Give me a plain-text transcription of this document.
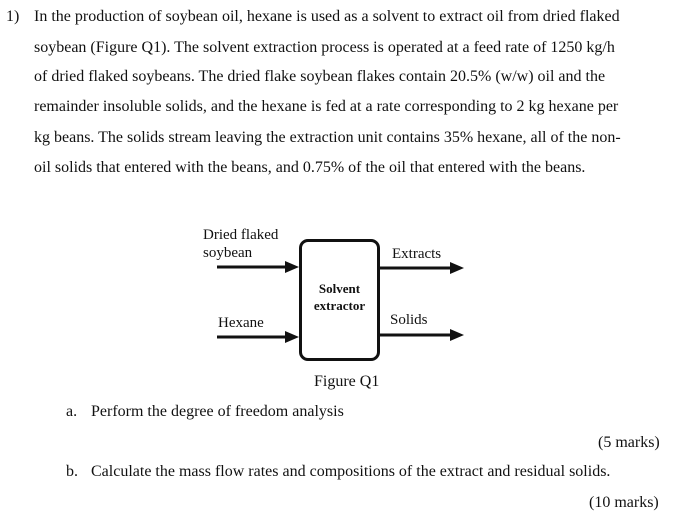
1) In the production of soybean oil, hexane is used as a solvent to extract oil from dried flaked
soybean (Figure Q1). The solvent extraction process is operated at a feed rate of 1250 kg/h
of dried flaked soybeans. The dried flake soybean flakes contain 20.5% (w/w) oil and the
remainder insoluble solids, and the hexane is fed at a rate corresponding to 2 kg hexane per
kg beans. The solids stream leaving the extraction unit contains 35% hexane, all of the non-
oil solids that entered with the beans, and 0.75% of the oil that entered with the beans.
Solvent
extractor
Dried flaked
soybean
Hexane
Extracts
Solids
Figure Q1
a. Perform the degree of freedom analysis
(5 marks)
b. Calculate the mass flow rates and compositions of the extract and residual solids.
(10 marks)
